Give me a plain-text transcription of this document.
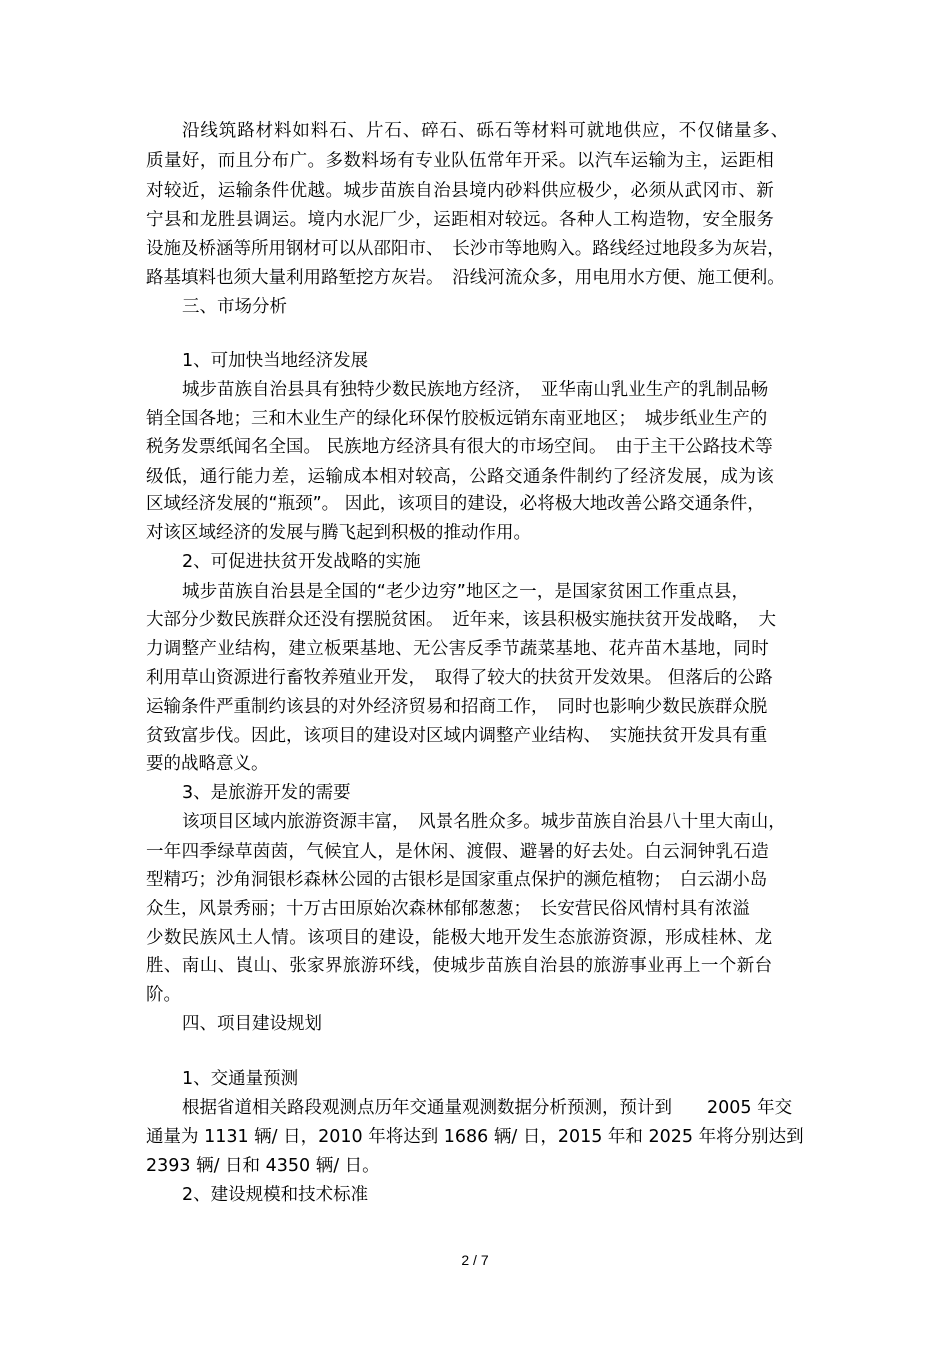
沿线筑路材料如料石、片石、碎石、砾石等材料可就地供应，不仅储量多、
质量好，而且分布广。多数料场有专业队伍常年开采。以汽车运输为主，运距相
对较近，运输条件优越。城步苗族自治县境内砂料供应极少，必须从武冈市、新
宁县和龙胜县调运。境内水泥厂少，运距相对较远。各种人工构造物，安全服务
设施及桥涵等所用钢材可以从邵阳市、　长沙市等地购入。路线经过地段多为灰岩，
路基填料也须大量利用路堑挖方灰岩。　沿线河流众多，用电用水方便、施工便利。
三、市场分析
1、可加快当地经济发展
城步苗族自治县具有独特少数民族地方经济，　亚华南山乳业生产的乳制品畅
销全国各地；三和木业生产的绿化环保竹胶板远销东南亚地区；　城步纸业生产的
税务发票纸闻名全国。 民族地方经济具有很大的市场空间。　由于主干公路技术等
级低，通行能力差，运输成本相对较高，公路交通条件制约了经济发展，成为该
区域经济发展的“瓶颈”。 因此，该项目的建设，必将极大地改善公路交通条件，
对该区域经济的发展与腾飞起到积极的推动作用。
2、可促进扶贫开发战略的实施
城步苗族自治县是全国的“老少边穷”地区之一，是国家贫困工作重点县，
大部分少数民族群众还没有摆脱贫困。　近年来，该县积极实施扶贫开发战略，　大
力调整产业结构，建立板栗基地、无公害反季节蔬菜基地、花卉苗木基地，同时
利用草山资源进行畜牧养殖业开发，　取得了较大的扶贫开发效果。 但落后的公路
运输条件严重制约该县的对外经济贸易和招商工作，　同时也影响少数民族群众脱
贫致富步伐。因此，该项目的建设对区域内调整产业结构、　实施扶贫开发具有重
要的战略意义。
3、是旅游开发的需要
该项目区域内旅游资源丰富，　风景名胜众多。城步苗族自治县八十里大南山，
一年四季绿草茵茵，气候宜人，是休闲、渡假、避暑的好去处。白云洞钟乳石造
型精巧；沙角洞银杉森林公园的古银杉是国家重点保护的濒危植物；　白云湖小岛
众生，风景秀丽；十万古田原始次森林郁郁葱葱；　长安营民俗风情村具有浓溢
少数民族风土人情。该项目的建设，能极大地开发生态旅游资源，形成桂林、龙
胜、南山、崀山、张家界旅游环线，使城步苗族自治县的旅游事业再上一个新台
阶。
四、项目建设规划
1、交通量预测
根据省道相关路段观测点历年交通量观测数据分析预测，预计到　　2005 年交
通量为 1131 辆/ 日，2010 年将达到 1686 辆/ 日，2015 年和 2025 年将分别达到
2393 辆/ 日和 4350 辆/ 日。
2、建设规模和技术标准
2 / 7
